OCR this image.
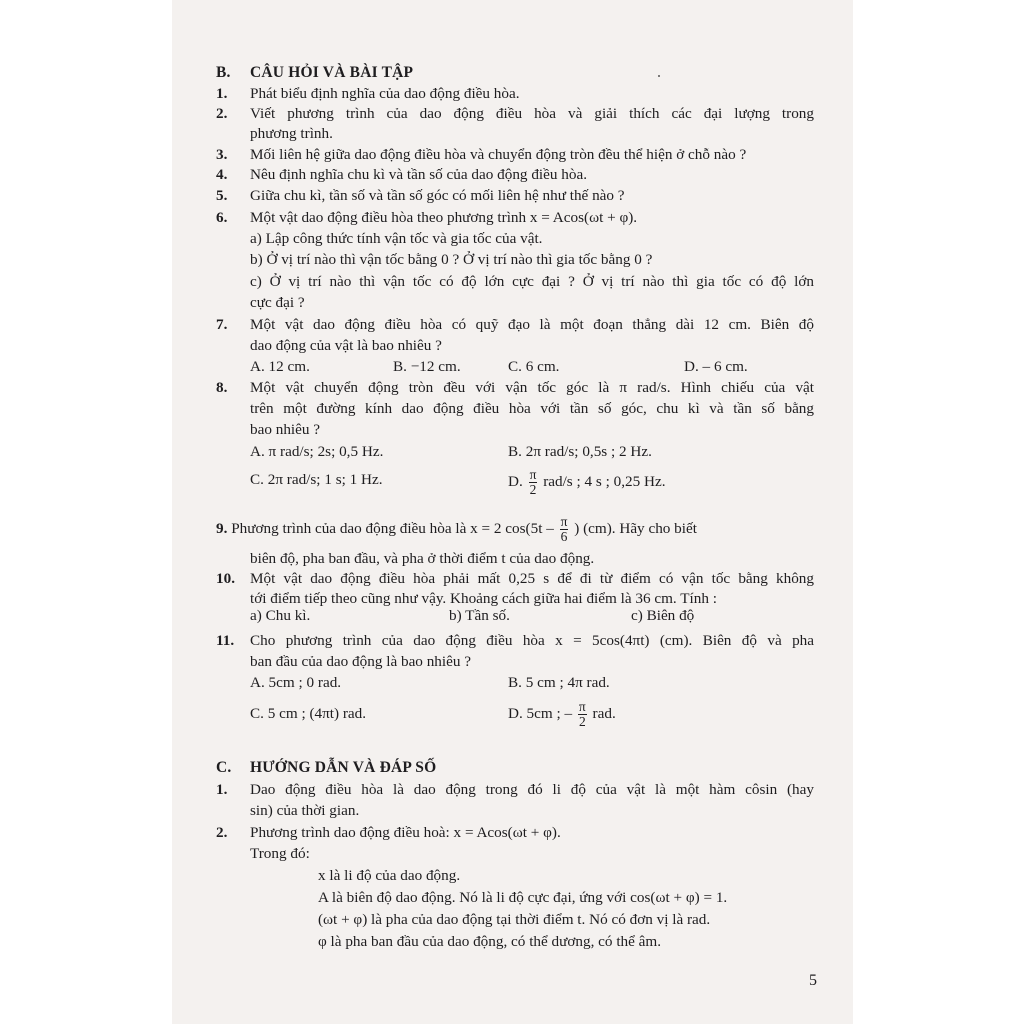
B. CÂU HỎI VÀ BÀI TẬP
1. Phát biểu định nghĩa của dao động điều hòa.
2. Viết phương trình của dao động điều hòa và giải thích các đại lượng trong
phương trình.
3. Mối liên hệ giữa dao động điều hòa và chuyển động tròn đều thể hiện ở chỗ nào ?
4. Nêu định nghĩa chu kì và tần số của dao động điều hòa.
5. Giữa chu kì, tần số và tần số góc có mối liên hệ như thế nào ?
6. Một vật dao động điều hòa theo phương trình x = Acos(ωt + φ).
a) Lập công thức tính vận tốc và gia tốc của vật.
b) Ở vị trí nào thì vận tốc bằng 0 ? Ở vị trí nào thì gia tốc bằng 0 ?
c) Ở vị trí nào thì vận tốc có độ lớn cực đại ? Ở vị trí nào thì gia tốc có độ lớn
cực đại ?
7. Một vật dao động điều hòa có quỹ đạo là một đoạn thẳng dài 12 cm. Biên độ
dao động của vật là bao nhiêu ?
A. 12 cm.	B. −12 cm.	C. 6 cm.	D. – 6 cm.
8. Một vật chuyển động tròn đều với vận tốc góc là π rad/s. Hình chiếu của vật
trên một đường kính dao động điều hòa với tần số góc, chu kì và tần số bằng
bao nhiêu ?
A. π rad/s; 2s; 0,5 Hz.	B. 2π rad/s; 0,5s ; 2 Hz.
C. 2π rad/s; 1 s; 1 Hz.	D. $\frac{\pi}{2} rad/s$ ; 4 s ; 0,25 Hz.
9. Phương trình của dao động điều hòa là x = 2 $\cos(5t - \frac{\pi}{6}$ ) (cm). Hãy cho biết
biên độ, pha ban đầu, và pha ở thời điểm t của dao động.
10. Một vật dao động điều hòa phải mất 0,25 s để đi từ điểm có vận tốc bằng không
tới điểm tiếp theo cũng như vậy. Khoảng cách giữa hai điểm là 36 cm. Tính :
a) Chu kì.	b) Tần số.	c) Biên độ
11. Cho phương trình của dao động điều hòa x = 5cos(4πt) (cm). Biên độ và pha
ban đầu của dao động là bao nhiêu ?
A. 5cm ; 0 rad.	B. 5 cm ; 4π rad.
C. 5 cm ; (4πt) rad.	D. 5cm ; – $\frac{\pi}{2}$ rad.
C. HƯỚNG DẪN VÀ ĐÁP SỐ
1. Dao động điều hòa là dao động trong đó li độ của vật là một hàm côsin (hay
sin) của thời gian.
2. Phương trình dao động điều hoà: x = Acos(ωt + φ).
Trong đó:
x là li độ của dao động.
A là biên độ dao động. Nó là li độ cực đại, ứng với cos(ωt + φ) = 1.
(ωt + φ) là pha của dao động tại thời điểm t. Nó có đơn vị là rad.
φ là pha ban đầu của dao động, có thể dương, có thể âm.
5
